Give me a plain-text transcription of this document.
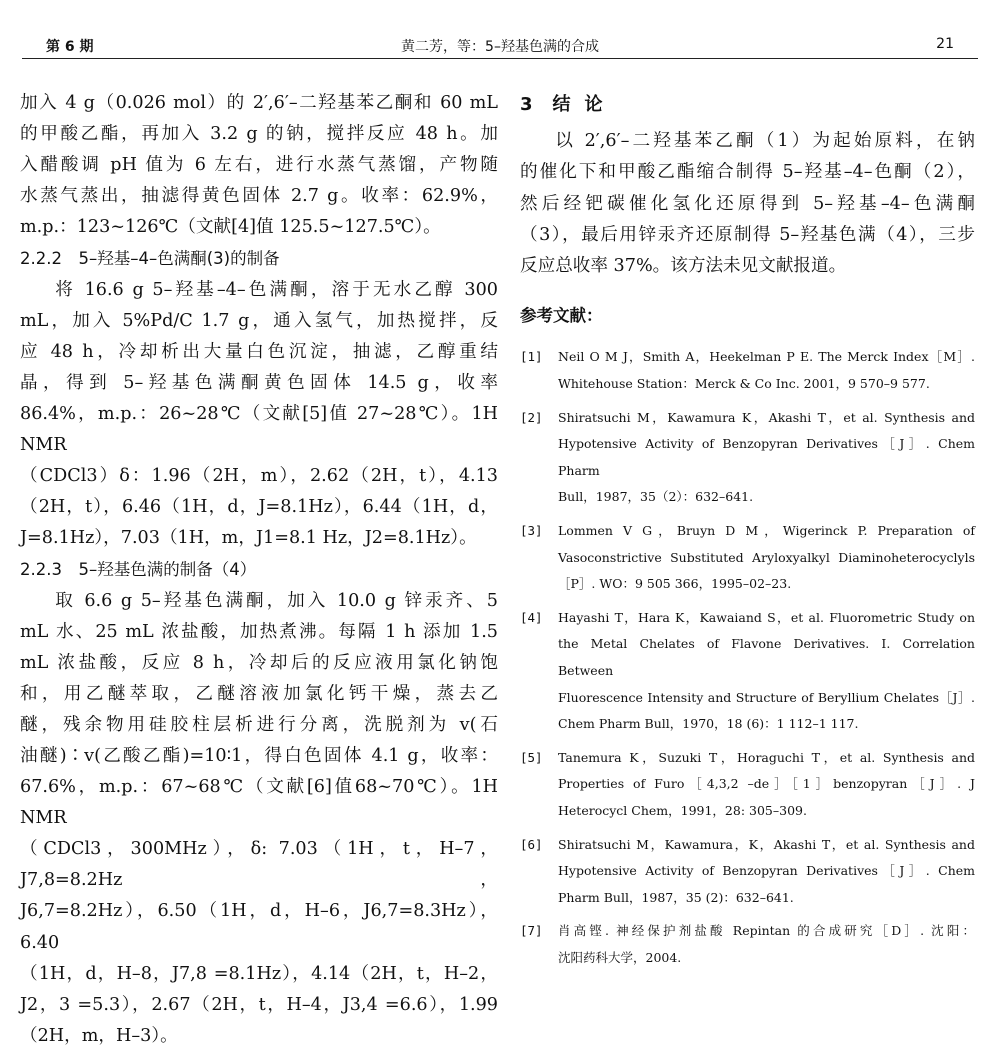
第 6 期	黄二芳，等：5–羟基色满的合成	21

加入 4 g（0.026 mol）的 2′,6′–二羟基苯乙酮和 60 mL

的甲酸乙酯，再加入 3.2 g 的钠，搅拌反应 48 h。加

入醋酸调 pH 值为 6 左右，进行水蒸气蒸馏，产物随

水蒸气蒸出，抽滤得黄色固体 2.7 g。收率：62.9%，

m.p.：123~126℃（文献[4]值 125.5~127.5℃）。

2.2.2　5–羟基–4–色满酮(3)的制备

将 16.6 g 5–羟基–4–色满酮，溶于无水乙醇 300

mL，加入 5%Pd/C 1.7 g，通入氢气，加热搅拌，反

应 48 h，冷却析出大量白色沉淀，抽滤，乙醇重结

晶，得到 5–羟基色满酮黄色固体 14.5 g，收率

86.4%，m.p.：26~28℃（文献[5]值 27~28℃）。1H NMR

（CDCl3）δ：1.96（2H，m），2.62（2H，t），4.13

（2H，t），6.46（1H，d，J=8.1Hz），6.44（1H，d，

J=8.1Hz），7.03（1H，m，J1=8.1 Hz，J2=8.1Hz）。

2.2.3　5–羟基色满的制备（4）

取 6.6 g 5–羟基色满酮，加入 10.0 g 锌汞齐、5

mL 水、25 mL 浓盐酸，加热煮沸。每隔 1 h 添加 1.5

mL 浓盐酸，反应 8 h，冷却后的反应液用氯化钠饱

和，用乙醚萃取，乙醚溶液加氯化钙干燥，蒸去乙

醚，残余物用硅胶柱层析进行分离，洗脱剂为 v(石

油醚)∶v(乙酸乙酯)=10∶1，得白色固体 4.1 g，收率：

67.6%，m.p.：67~68℃（文献[6]值68~70℃）。1H NMR

（CDCl3，300MHz），δ: 7.03（1H，t，H–7，J7,8=8.2Hz，

J6,7=8.2Hz），6.50（1H，d，H–6，J6,7=8.3Hz），6.40

（1H，d，H–8，J7,8 =8.1Hz），4.14（2H，t，H–2，

J2，3 =5.3），2.67（2H，t，H–4，J3,4 =6.6），1.99

（2H，m，H–3）。

3 结论

以 2′,6′–二羟基苯乙酮（1）为起始原料，在钠

的催化下和甲酸乙酯缩合制得 5–羟基–4–色酮（2），

然后经钯碳催化氢化还原得到 5–羟基–4–色满酮

（3），最后用锌汞齐还原制得 5–羟基色满（4），三步

反应总收率 37%。该方法未见文献报道。

参考文献：
[1]	Neil O M J，Smith A，Heekelman P E. The Merck Index［M］.
Whitehouse Station：Merck & Co Inc. 2001，9 570–9 577.
[2]	Shiratsuchi M，Kawamura K，Akashi T，et al. Synthesis and
Hypotensive Activity of Benzopyran Derivatives［J］. Chem Pharm
Bull，1987，35（2）：632–641.
[3]	Lommen V G，Bruyn D M，Wigerinck P. Preparation of
Vasoconstrictive Substituted Aryloxyalkyl Diaminoheterocyclyls
［P］. WO：9 505 366，1995–02–23.
[4]	Hayashi T，Hara K，Kawaiand S，et al. Fluorometric Study on
the Metal Chelates of Flavone Derivatives. I. Correlation Between
Fluorescence Intensity and Structure of Beryllium Chelates［J］.
Chem Pharm Bull，1970，18 (6)：1 112–1 117.
[5]	Tanemura K，Suzuki T，Horaguchi T，et al. Synthesis and
Properties of Furo［4,3,2 –de］［1］benzopyran［J］. J
Heterocycl Chem，1991，28: 305–309.
[6]	Shiratsuchi M，Kawamura，K，Akashi T，et al. Synthesis and
Hypotensive Activity of Benzopyran Derivatives［J］. Chem
Pharm Bull，1987，35 (2)：632–641.
[7]	肖高铿. 神经保护剂盐酸 Repintan 的合成研究［D］. 沈阳：
沈阳药科大学，2004.
